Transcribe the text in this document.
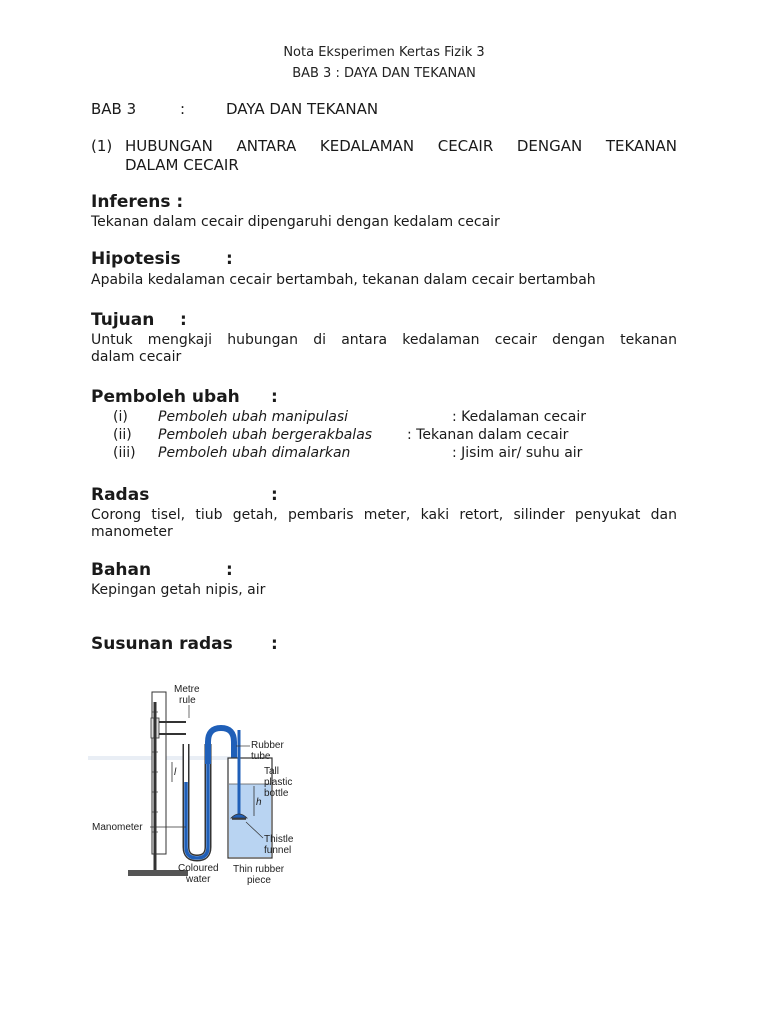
Nota Eksperimen Kertas Fizik 3
BAB 3 : DAYA DAN TEKANAN
BAB 3	:	DAYA DAN TEKANAN
(1) HUBUNGAN ANTARA KEDALAMAN CECAIR DENGAN TEKANAN
DALAM CECAIR
Inferens :
Tekanan dalam cecair dipengaruhi dengan kedalam cecair
Hipotesis	:
Apabila kedalaman cecair bertambah, tekanan dalam cecair bertambah
Tujuan :
Untuk mengkaji hubungan di antara kedalaman cecair dengan tekanan
dalam cecair
Pemboleh ubah :
(i) Pemboleh ubah manipulasi	: Kedalaman cecair
(ii) Pemboleh ubah bergerakbalas : Tekanan dalam cecair
(iii) Pemboleh ubah dimalarkan	: Jisim air/ suhu air
Radas	:
Corong tisel, tiub getah, pembaris meter, kaki retort, silinder penyukat dan
manometer
Bahan	:
Kepingan getah nipis, air
Susunan radas :
l
h
Metre
rule
Rubber
tube
Tall
plastic
bottle
Manometer
Thistle
funnel
Coloured
water
Thin rubber
piece
